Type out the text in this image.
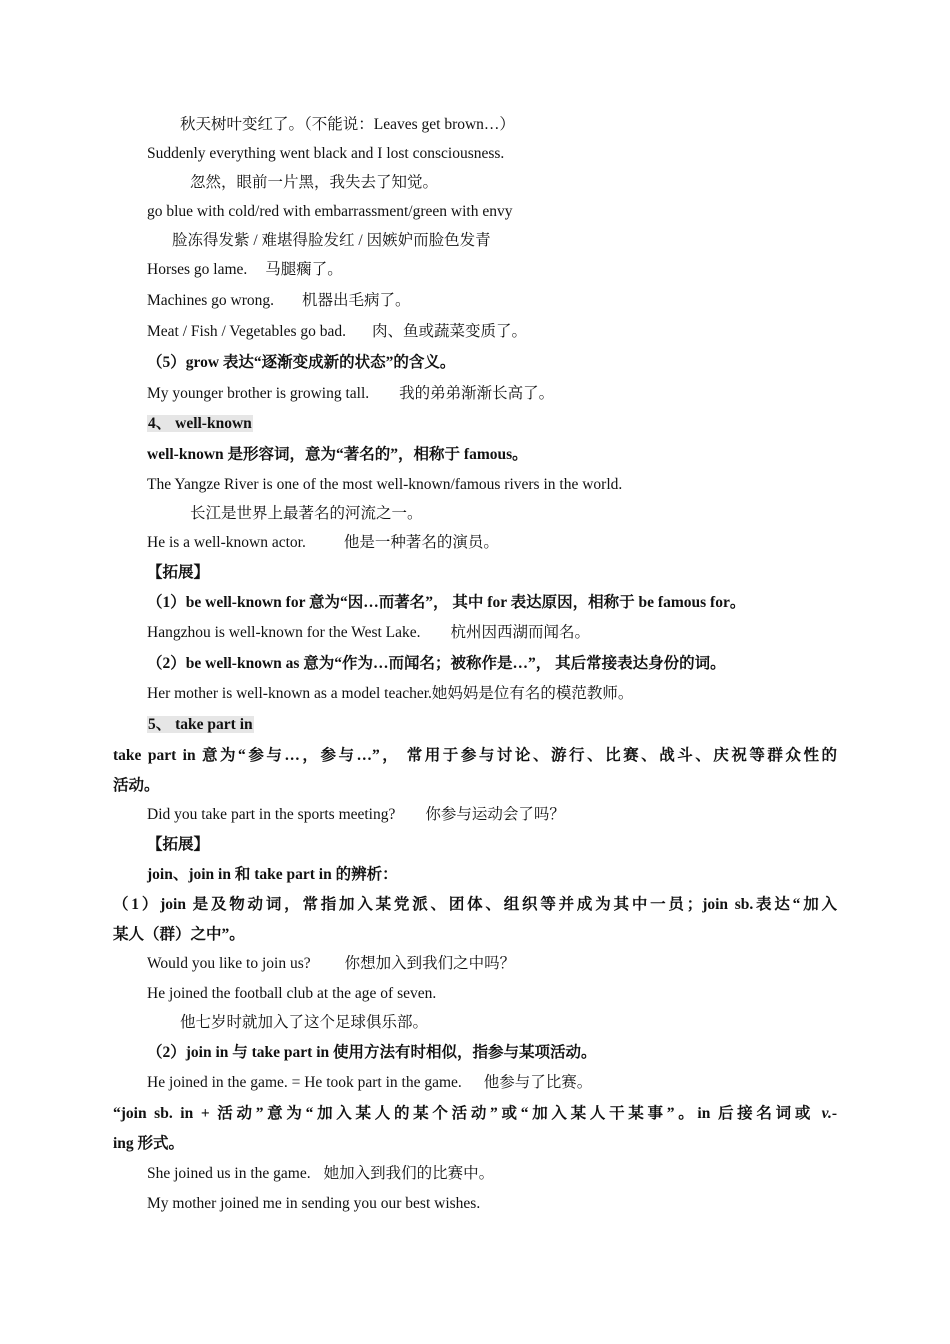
秋天树叶变红了。（不能说：Leaves get brown…）
Suddenly everything went black and I lost consciousness.
忽然，眼前一片黑，我失去了知觉。
go blue with cold/red with embarrassment/green with envy
脸冻得发紫 / 难堪得脸发红 / 因嫉妒而脸色发青
Horses go lame. 马腿瘸了。
Machines go wrong. 机器出毛病了。
Meat / Fish / Vegetables go bad. 肉、鱼或蔬菜变质了。
（5）grow 表达“逐渐变成新的状态”的含义。
My younger brother is growing tall. 我的弟弟渐渐长高了。
4、 well-known
well-known 是形容词，意为“著名的”，相称于 famous。
The Yangze River is one of the most well-known/famous rivers in the world.
长江是世界上最著名的河流之一。
He is a well-known actor. 他是一种著名的演员。
【拓展】
（1）be well-known for 意为“因…而著名”， 其中 for 表达原因，相称于 be famous for。
Hangzhou is well-known for the West Lake. 杭州因西湖而闻名。
（2）be well-known as 意为“作为…而闻名；被称作是…”， 其后常接表达身份的词。
Her mother is well-known as a model teacher.她妈妈是位有名的模范教师。
5、 take part in
take part in 意为“参与…，参与…”， 常用于参与讨论、游行、比赛、战斗、庆祝等群众性的
活动。
Did you take part in the sports meeting? 你参与运动会了吗？
【拓展】
join、join in 和 take part in 的辨析：
（1）join 是及物动词，常指加入某党派、团体、组织等并成为其中一员；join sb.表达“加入
某人（群）之中”。
Would you like to join us? 你想加入到我们之中吗？
He joined the football club at the age of seven.
他七岁时就加入了这个足球俱乐部。
（2）join in 与 take part in 使用方法有时相似，指参与某项活动。
He joined in the game. = He took part in the game. 他参与了比赛。
“join sb. in + 活动”意为“加入某人的某个活动”或“加入某人干某事”。in 后接名词或 v.-
ing 形式。
She joined us in the game. 她加入到我们的比赛中。
My mother joined me in sending you our best wishes.
